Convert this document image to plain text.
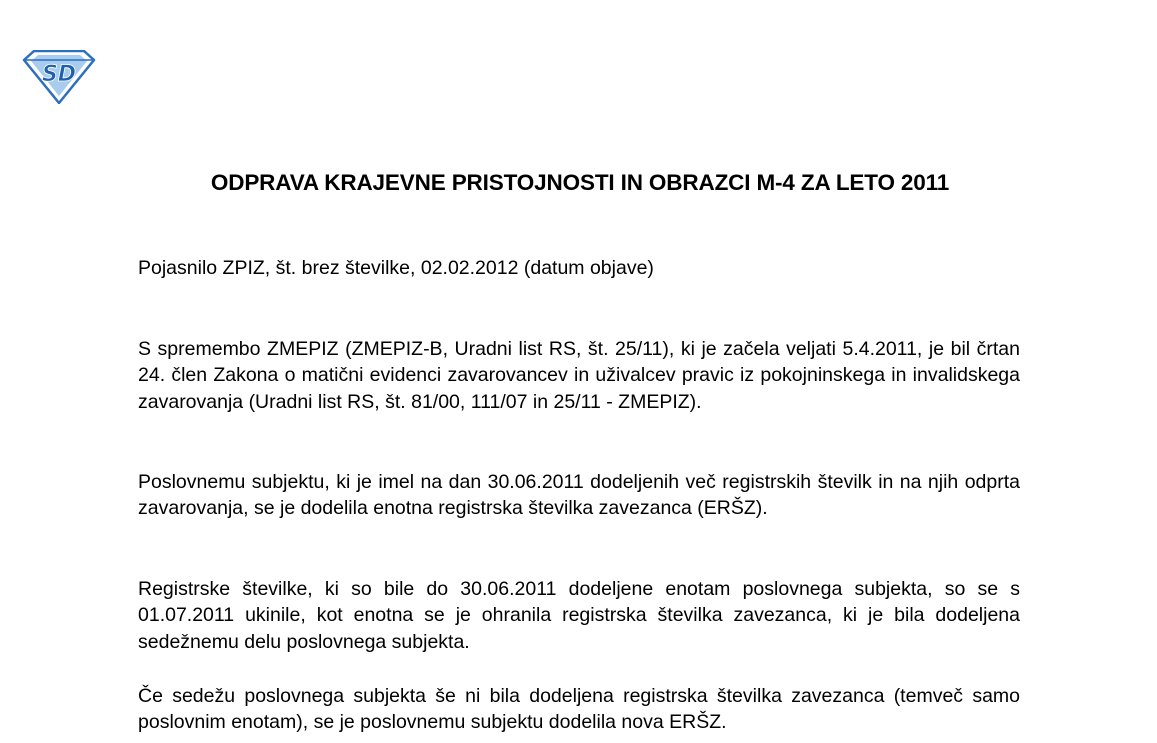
SD
ODPRAVA KRAJEVNE PRISTOJNOSTI IN OBRAZCI M-4 ZA LETO 2011
Pojasnilo ZPIZ, št. brez številke, 02.02.2012 (datum objave)

S spremembo ZMEPIZ (ZMEPIZ-B, Uradni list RS, št. 25/11), ki je začela veljati 5.4.2011, je bil črtan 24. člen Zakona o matični evidenci zavarovancev in uživalcev pravic iz pokojninskega in invalidskega zavarovanja (Uradni list RS, št. 81/00, 111/07 in 25/11 - ZMEPIZ).

Poslovnemu subjektu, ki je imel na dan 30.06.2011 dodeljenih več registrskih številk in na njih odprta zavarovanja, se je dodelila enotna registrska številka zavezanca (ERŠZ).

Registrske številke, ki so bile do 30.06.2011 dodeljene enotam poslovnega subjekta, so se s 01.07.2011 ukinile, kot enotna se je ohranila registrska številka zavezanca, ki je bila dodeljena sedežnemu delu poslovnega subjekta.

Če sedežu poslovnega subjekta še ni bila dodeljena registrska številka zavezanca (temveč samo poslovnim enotam), se je poslovnemu subjektu dodelila nova ERŠZ.
